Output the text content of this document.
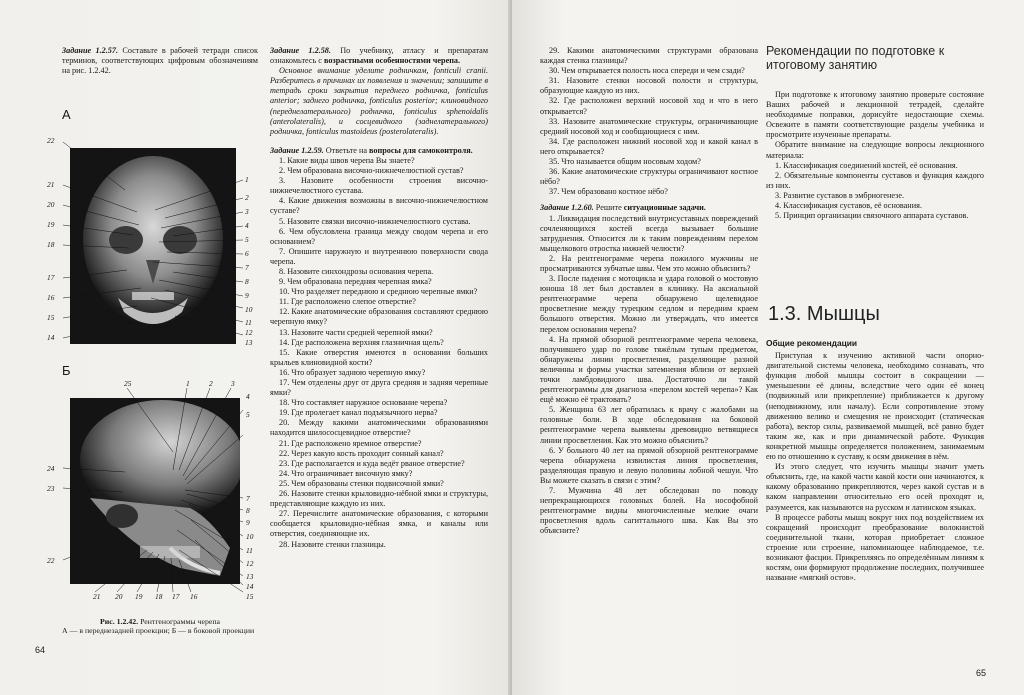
Задание 1.2.57. Составьте в рабочей тетради список терминов, соответствующих цифровым обозначениям на рис. 1.2.42.

А
22
21
20
19
18
17
16
15
14
1
2
3
4
5
6
7
8
9
10
11
12
13
Б
25	1	2 3
4
5
24
23
22
7
8
9
10
11
12
13
14
15
21 20 19 18 17 16
Рис. 1.2.42. Рентгенограммы черепа
А — в переднезадней проекции; Б — в боковой проекции
64

Задание 1.2.58. По учебнику, атласу и препаратам ознакомьтесь с возрастными особенностями черепа.

Основное внимание уделите родничкам, fonticuli cranii. Разберитесь в причинах их появления и значении; запишите в тетрадь сроки закрытия переднего родничка, fonticulus anterior; заднего родничка, fonticulus posterior; клиновидного (переднелатерального) родничка, fonticulus sphenoidalis (anterolateralis), и сосцевидного (заднелатерального) родничка, fonticulus mastoideus (posterolateralis).

Задание 1.2.59. Ответьте на вопросы для самоконтроля.

1. Какие виды швов черепа Вы знаете?

2. Чем образована височно-нижнечелюстной сустав?

3. Назовите особенности строения височно-нижнечелюстного сустава.

4. Какие движения возможны в височно-нижнечелюстном суставе?

5. Назовите связки височно-нижнечелюстного сустава.

6. Чем обусловлена граница между сводом черепа и его основанием?

7. Опишите наружную и внутреннюю поверхности свода черепа.

8. Назовите синхондрозы основания черепа.

9. Чем образована передняя черепная ямка?

10. Что разделяет переднюю и среднюю черепные ямки?

11. Где расположено слепое отверстие?

12. Какие анатомические образования составляют среднюю черепную ямку?

13. Назовите части средней черепной ямки?

14. Где расположена верхняя глазничная щель?

15. Какие отверстия имеются в основании больших крыльев клиновидной кости?

16. Что образует заднюю черепную ямку?

17. Чем отделены друг от друга средняя и задняя черепные ямки?

18. Что составляет наружное основание черепа?

19. Где пролегает канал подъязычного нерва?

20. Между какими анатомическими образованиями находится шилососцевидное отверстие?

21. Где расположено яремное отверстие?

22. Через какую кость проходит сонный канал?

23. Где располагается и куда ведёт рваное отверстие?

24. Что ограничивает височную ямку?

25. Чем образованы стенки подвисочной ямки?

26. Назовите стенки крыловидно-нёбной ямки и структуры, представляющие каждую из них.

27. Перечислите анатомические образования, с которыми сообщается крыловидно-нёбная ямка, и каналы или отверстия, соединяющие их.

28. Назовите стенки глазницы.

29. Какими анатомическими структурами образована каждая стенка глазницы?

30. Чем открывается полость носа спереди и чем сзади?

31. Назовите стенки носовой полости и структуры, образующие каждую из них.

32. Где расположен верхний носовой ход и что в него открывается?

33. Назовите анатомические структуры, ограничивающие средний носовой ход и сообщающиеся с ним.

34. Где расположен нижний носовой ход и какой канал в него открывается?

35. Что называется общим носовым ходом?

36. Какие анатомические структуры ограничивают костное нёбо?

37. Чем образовано костное нёбо?

Задание 1.2.60. Решите ситуационные задачи.

1. Ликвидация последствий внутрисуставных повреждений сочленяющихся костей всегда вызывает большие затруднения. Относится ли к таким повреждениям перелом мыщелкового отростка нижней челюсти?

2. На рентгенограмме черепа пожилого мужчины не просматриваются зубчатые швы. Чем это можно объяснить?

3. После падения с мотоцикла и удара головой о мостовую юноша 18 лет был доставлен в клинику. На аксиальной рентгенограмме черепа обнаружено щелевидное просветление между турецким седлом и передним краем большого отверстия. Можно ли утверждать, что имеется перелом основания черепа?

4. На прямой обзорной рентгенограмме черепа человека, получившего удар по голове тяжёлым тупым предметом, обнаружены линии просветления, разделяющие разной величины и формы участки затемнения вблизи от верхней точки ламбдовидного шва. Достаточно ли такой рентгенограммы для диагноза «перелом костей черепа»? Как ещё можно её трактовать?

5. Женщина 63 лет обратилась к врачу с жалобами на головные боли. В ходе обследования на боковой рентгенограмме черепа выявлены древовидно ветвящиеся линии просветления. Как это можно объяснить?

6. У больного 40 лет на прямой обзорной рентгенограмме черепа обнаружена извилистая линия просветления, разделяющая правую и левую половины лобной чешуи. Что Вы можете сказать в связи с этим?

7. Мужчина 48 лет обследован по поводу непрекращающихся головных болей. На нософобной рентгенограмме видны многочисленные мелкие очаги просветления вдоль сагиттального шва. Как Вы это объясните?

Рекомендации по подготовке к итоговому занятию

При подготовке к итоговому занятию проверьте состояние Ваших рабочей и лекционной тетрадей, сделайте необходимые поправки, дорисуйте недостающие схемы. Освежите в памяти соответствующие разделы учебника и просмотрите изученные препараты.

Обратите внимание на следующие вопросы лекционного материала:

1. Классификация соединений костей, её основания.

2. Обязательные компоненты суставов и функция каждого из них.

3. Развитие суставов в эмбриогенезе.

4. Классификация суставов, её основания.

5. Принцип организации связочного аппарата суставов.

1.3. Мышцы

Общие рекомендации

Приступая к изучению активной части опорно-двигательной системы человека, необходимо сознавать, что функция любой мышцы состоит в сокращении — уменьшении её длины, вследствие чего один её конец (подвижный или прикрепление) приближается к другому (неподвижному, или началу). Если сопротивление этому движению велико и смещения не происходит (статическая работа), вектор силы, развиваемой мышцей, всё равно будет таким же, как и при динамической работе. Функция конкретной мышцы определяется положением, занимаемым ею по отношению к суставу, к осям движения в нём.

Из этого следует, что изучить мышцы значит уметь объяснить, где, на какой части какой кости они начинаются, к какому образованию прикрепляются, через какой сустав и в каком направлении относительно его осей проходят и, разумеется, как называются на русском и латинском языках.

В процессе работы мышц вокруг них под воздействием их сокращений происходит преобразование волокнистой соединительной ткани, которая приобретает сложное строение или строение, напоминающее наблюдаемое, т.е. возникают фасции. Прикрепляясь по определённым линиям к костям, они формируют продолжение последних, получившее название «мягкий остов».

65
